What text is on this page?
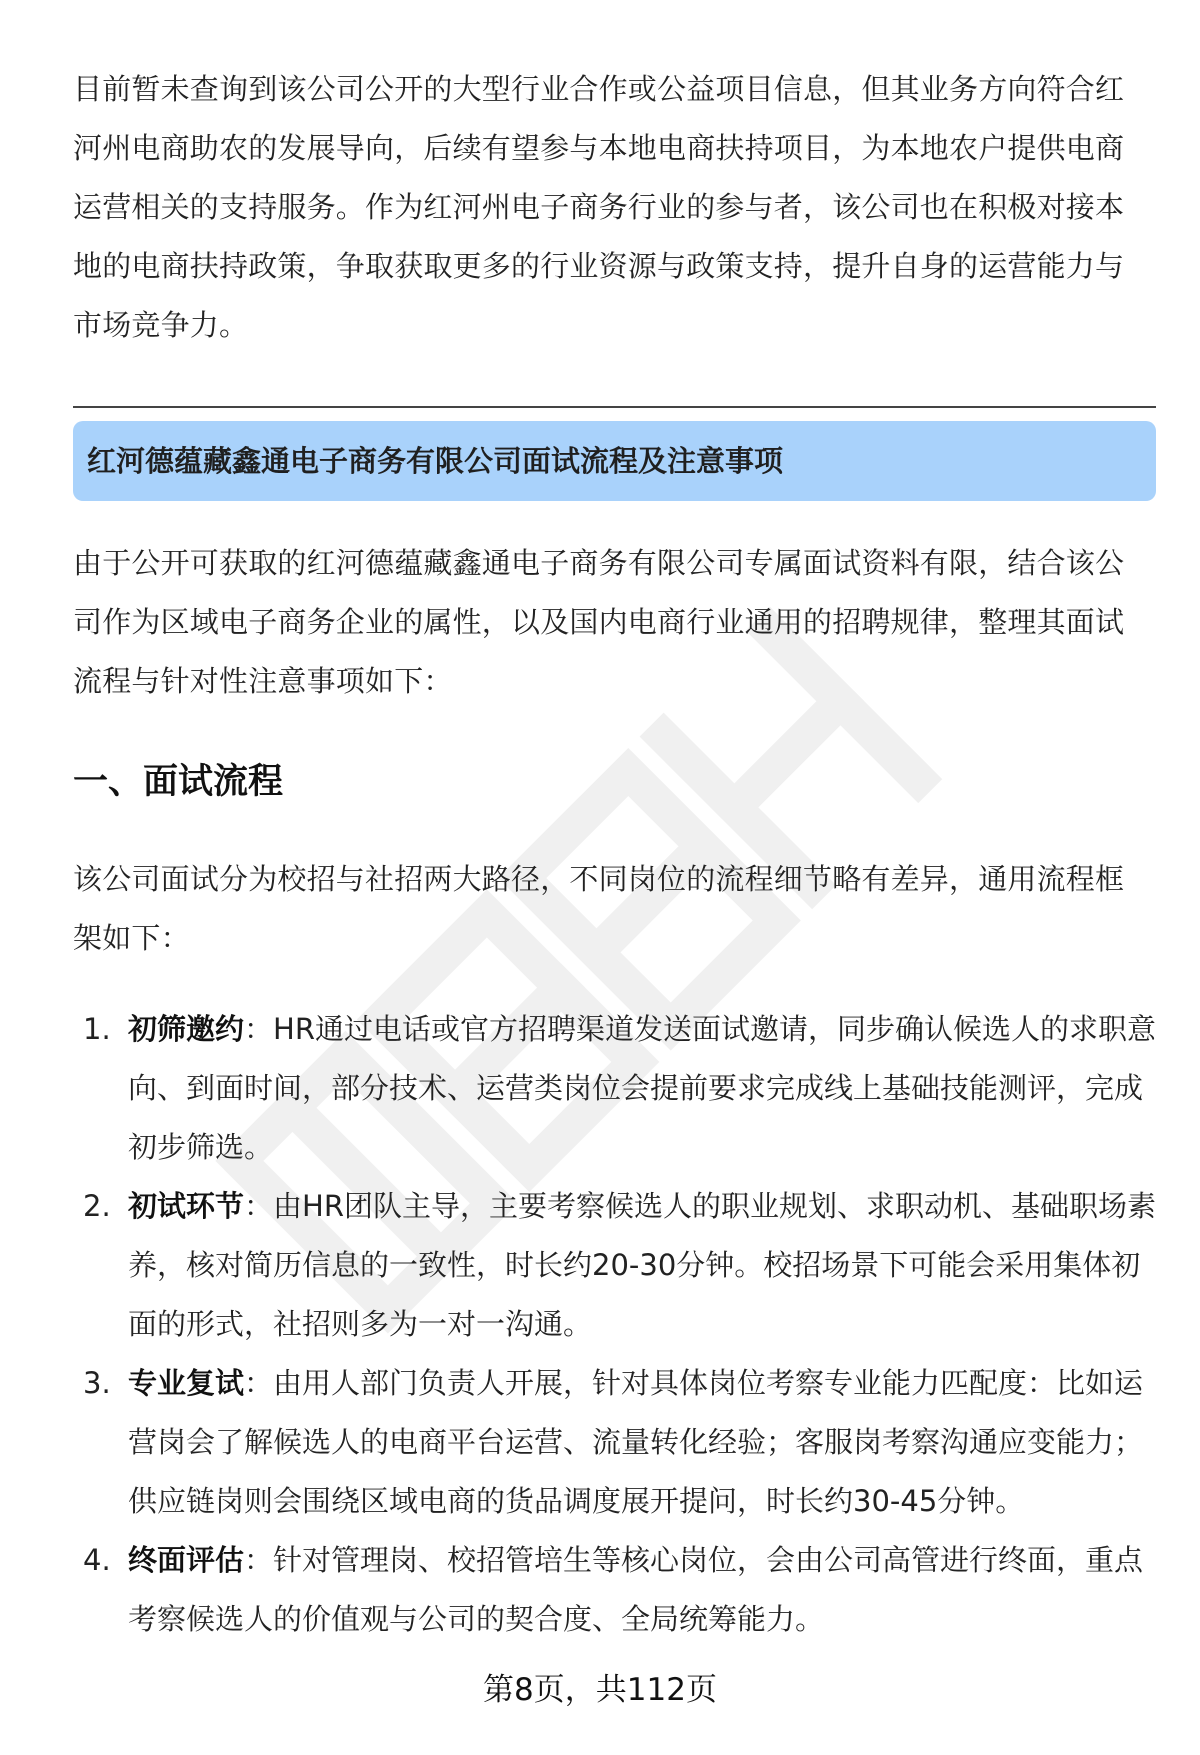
目前暂未查询到该公司公开的大型行业合作或公益项目信息，但其业务方向符合红河州电商助农的发展导向，后续有望参与本地电商扶持项目，为本地农户提供电商运营相关的支持服务。作为红河州电子商务行业的参与者，该公司也在积极对接本地的电商扶持政策，争取获取更多的行业资源与政策支持，提升自身的运营能力与市场竞争力。

红河德蕴藏鑫通电子商务有限公司面试流程及注意事项

由于公开可获取的红河德蕴藏鑫通电子商务有限公司专属面试资料有限，结合该公司作为区域电子商务企业的属性，以及国内电商行业通用的招聘规律，整理其面试流程与针对性注意事项如下：

一、面试流程

该公司面试分为校招与社招两大路径，不同岗位的流程细节略有差异，通用流程框架如下：

1. 初筛邀约：HR通过电话或官方招聘渠道发送面试邀请，同步确认候选人的求职意向、到面时间，部分技术、运营类岗位会提前要求完成线上基础技能测评，完成初步筛选。
2. 初试环节：由HR团队主导，主要考察候选人的职业规划、求职动机、基础职场素养，核对简历信息的一致性，时长约20-30分钟。校招场景下可能会采用集体初面的形式，社招则多为一对一沟通。
3. 专业复试：由用人部门负责人开展，针对具体岗位考察专业能力匹配度：比如运营岗会了解候选人的电商平台运营、流量转化经验；客服岗考察沟通应变能力；供应链岗则会围绕区域电商的货品调度展开提问，时长约30-45分钟。
4. 终面评估：针对管理岗、校招管培生等核心岗位，会由公司高管进行终面，重点考察候选人的价值观与公司的契合度、全局统筹能力。
第8页，共112页
